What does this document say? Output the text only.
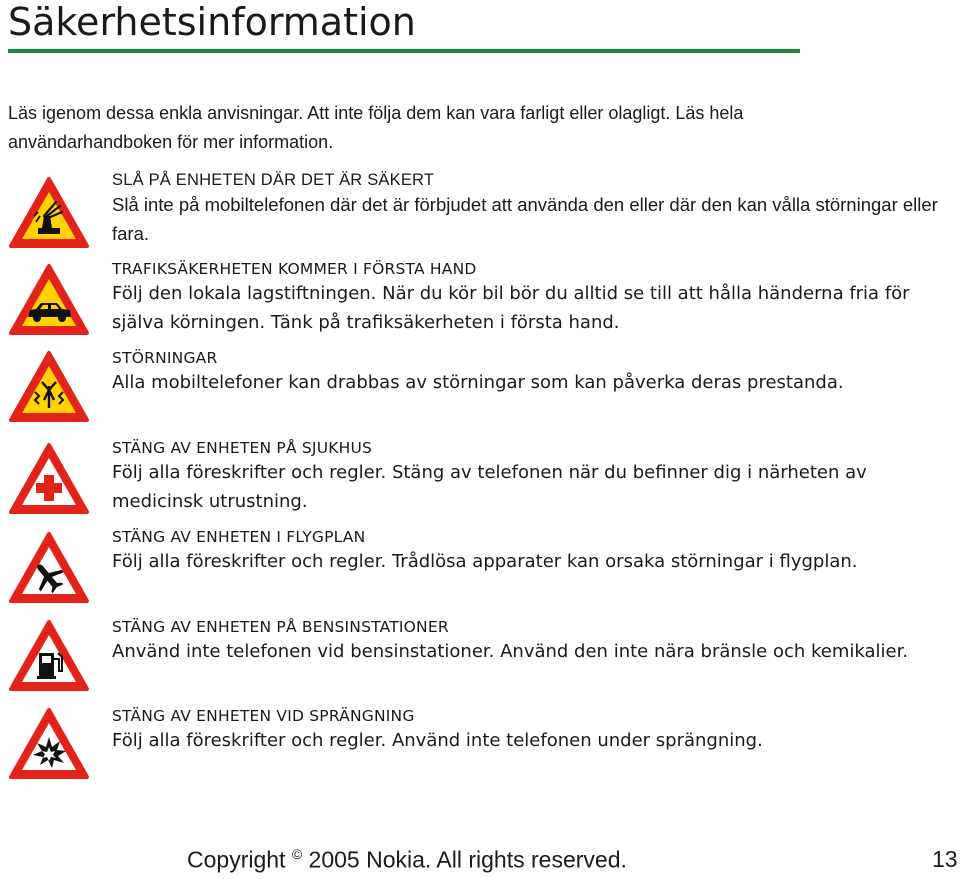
Säkerhetsinformation

Läs igenom dessa enkla anvisningar. Att inte följa dem kan vara farligt eller olagligt. Läs hela användarhandboken för mer information.

SLÅ PÅ ENHETEN DÄR DET ÄR SÄKERT

Slå inte på mobiltelefonen där det är förbjudet att använda den eller där den kan vålla störningar eller fara.

TRAFIKSÄKERHETEN KOMMER I FÖRSTA HAND

Följ den lokala lagstiftningen. När du kör bil bör du alltid se till att hålla händerna fria för själva körningen. Tänk på trafiksäkerheten i första hand.

STÖRNINGAR

Alla mobiltelefoner kan drabbas av störningar som kan påverka deras prestanda.

STÄNG AV ENHETEN PÅ SJUKHUS

Följ alla föreskrifter och regler. Stäng av telefonen när du befinner dig i närheten av medicinsk utrustning.

STÄNG AV ENHETEN I FLYGPLAN

Följ alla föreskrifter och regler. Trådlösa apparater kan orsaka störningar i flygplan.

STÄNG AV ENHETEN PÅ BENSINSTATIONER

Använd inte telefonen vid bensinstationer. Använd den inte nära bränsle och kemikalier.

STÄNG AV ENHETEN VID SPRÄNGNING

Följ alla föreskrifter och regler. Använd inte telefonen under sprängning.

Copyright © 2005 Nokia. All rights reserved.	13
